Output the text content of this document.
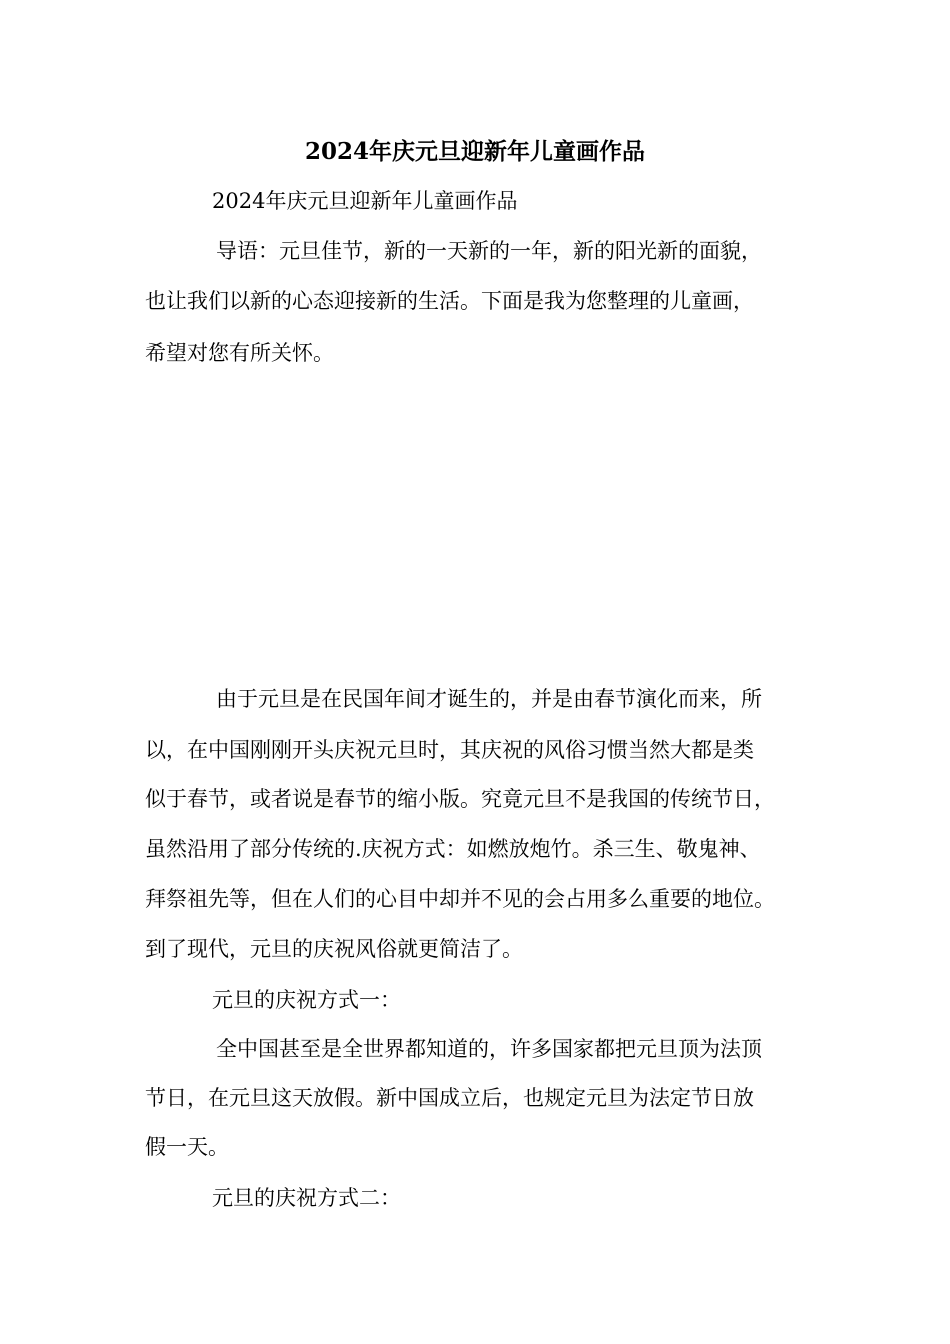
2024年庆元旦迎新年儿童画作品
2024年庆元旦迎新年儿童画作品
导语：元旦佳节，新的一天新的一年，新的阳光新的面貌，
也让我们以新的心态迎接新的生活。下面是我为您整理的儿童画，
希望对您有所关怀。
由于元旦是在民国年间才诞生的，并是由春节演化而来，所
以，在中国刚刚开头庆祝元旦时，其庆祝的风俗习惯当然大都是类
似于春节，或者说是春节的缩小版。究竟元旦不是我国的传统节日，
虽然沿用了部分传统的.庆祝方式：如燃放炮竹。杀三生、敬鬼神、
拜祭祖先等，但在人们的心目中却并不见的会占用多么重要的地位。
到了现代，元旦的庆祝风俗就更简洁了。
元旦的庆祝方式一：
全中国甚至是全世界都知道的，许多国家都把元旦顶为法顶
节日，在元旦这天放假。新中国成立后，也规定元旦为法定节日放
假一天。
元旦的庆祝方式二：
